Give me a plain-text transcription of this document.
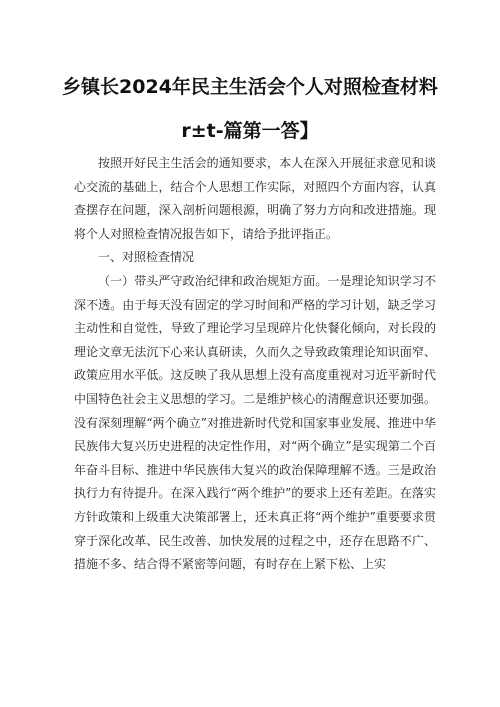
乡镇长2024年民主生活会个人对照检查材料
r±t-篇第一答】

按照开好民主生活会的通知要求，本人在深入开展征求意见和谈心交流的基础上，结合个人思想工作实际，对照四个方面内容，认真查摆存在问题，深入剖析问题根源，明确了努力方向和改进措施。现将个人对照检查情况报告如下，请给予批评指正。

一、对照检查情况

（一）带头严守政治纪律和政治规矩方面。一是理论知识学习不深不透。由于每天没有固定的学习时间和严格的学习计划，缺乏学习主动性和自觉性，导致了理论学习呈现碎片化快餐化倾向，对长段的理论文章无法沉下心来认真研读，久而久之导致政策理论知识面窄、政策应用水平低。这反映了我从思想上没有高度重视对习近平新时代中国特色社会主义思想的学习。二是维护核心的清醒意识还要加强。没有深刻理解“两个确立”对推进新时代党和国家事业发展、推进中华民族伟大复兴历史进程的决定性作用，对“两个确立”是实现第二个百年奋斗目标、推进中华民族伟大复兴的政治保障理解不透。三是政治执行力有待提升。在深入践行“两个维护”的要求上还有差距。在落实方针政策和上级重大决策部署上，还未真正将“两个维护”重要要求贯穿于深化改革、民生改善、加快发展的过程之中，还存在思路不广、措施不多、结合得不紧密等问题，有时存在上紧下松、上实
